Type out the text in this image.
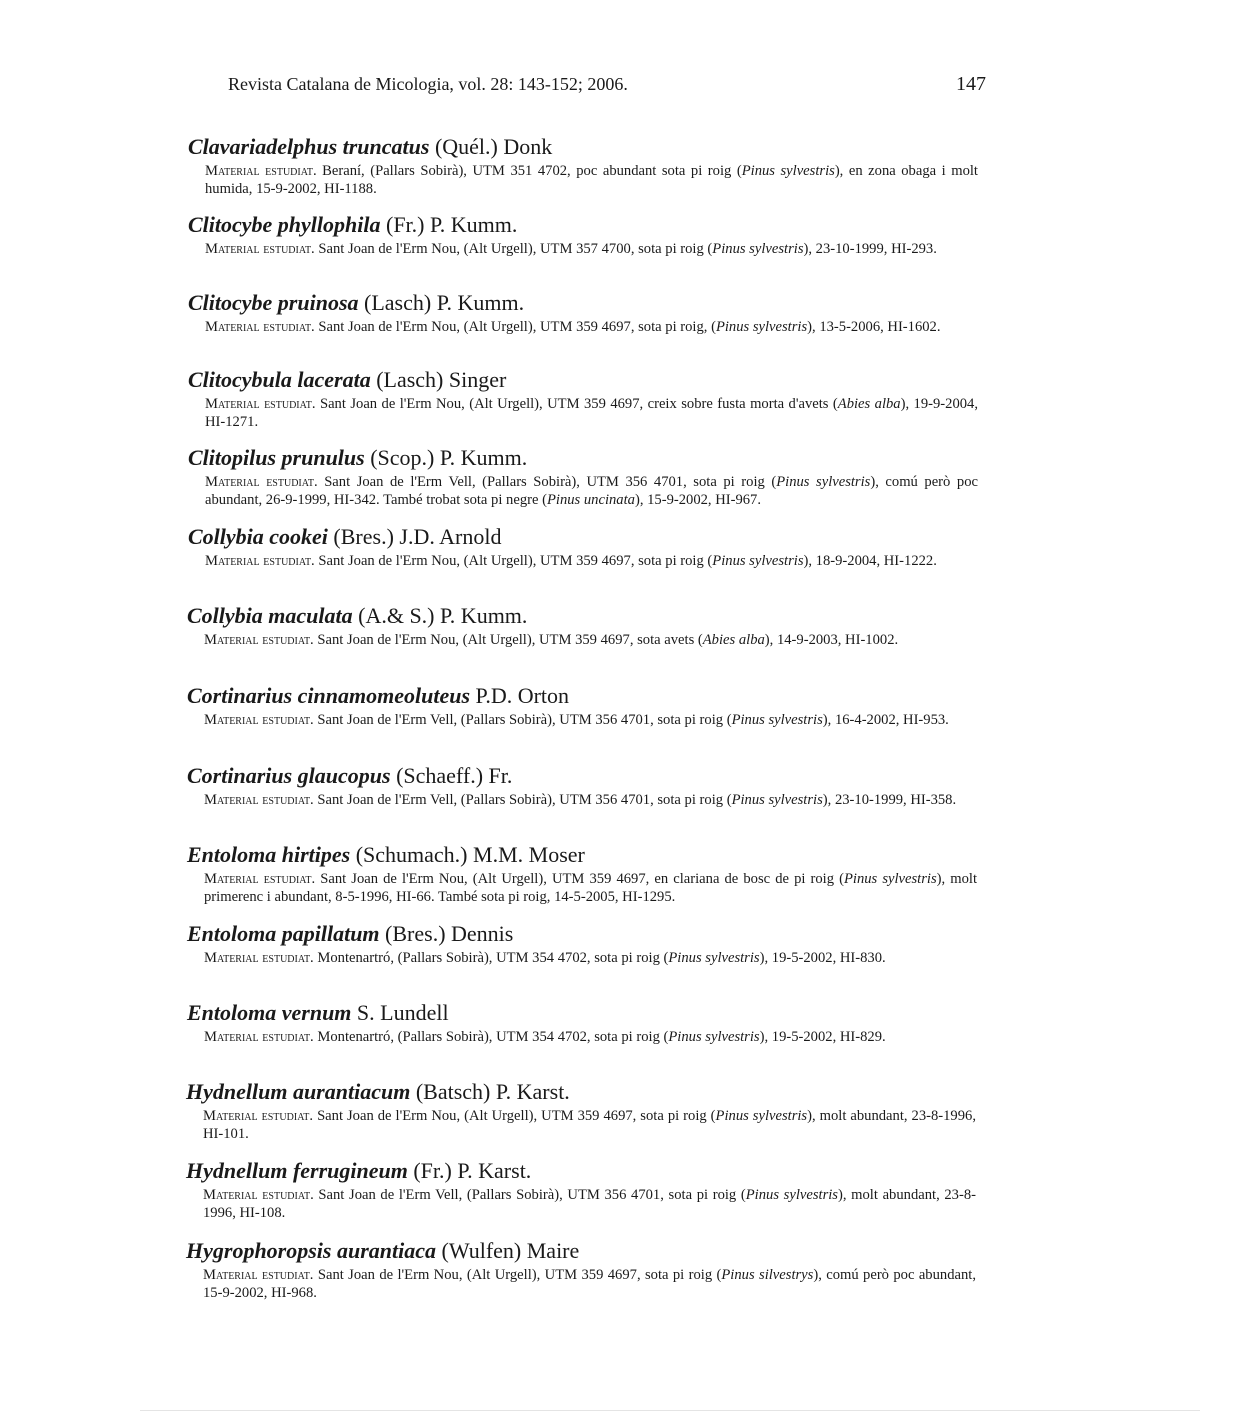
Revista Catalana de Micologia, vol. 28: 143-152; 2006.	147

Clavariadelphus truncatus (Quél.) Donk

Material estudiat. Beraní, (Pallars Sobirà), UTM 351 4702, poc abundant sota pi roig (Pinus sylvestris), en zona obaga i molt humida, 15-9-2002, HI-1188.

Clitocybe phyllophila (Fr.) P. Kumm.

Material estudiat. Sant Joan de l'Erm Nou, (Alt Urgell), UTM 357 4700, sota pi roig (Pinus sylvestris), 23-10-1999, HI-293.

Clitocybe pruinosa (Lasch) P. Kumm.

Material estudiat. Sant Joan de l'Erm Nou, (Alt Urgell), UTM 359 4697, sota pi roig, (Pinus sylvestris), 13-5-2006, HI-1602.

Clitocybula lacerata (Lasch) Singer

Material estudiat. Sant Joan de l'Erm Nou, (Alt Urgell), UTM 359 4697, creix sobre fusta morta d'avets (Abies alba), 19-9-2004, HI-1271.

Clitopilus prunulus (Scop.) P. Kumm.

Material estudiat. Sant Joan de l'Erm Vell, (Pallars Sobirà), UTM 356 4701, sota pi roig (Pinus sylvestris), comú però poc abundant, 26-9-1999, HI-342. També trobat sota pi negre (Pinus uncinata), 15-9-2002, HI-967.

Collybia cookei (Bres.) J.D. Arnold

Material estudiat. Sant Joan de l'Erm Nou, (Alt Urgell), UTM 359 4697, sota pi roig (Pinus sylvestris), 18-9-2004, HI-1222.

Collybia maculata (A.& S.) P. Kumm.

Material estudiat. Sant Joan de l'Erm Nou, (Alt Urgell), UTM 359 4697, sota avets (Abies alba), 14-9-2003, HI-1002.

Cortinarius cinnamomeoluteus P.D. Orton

Material estudiat. Sant Joan de l'Erm Vell, (Pallars Sobirà), UTM 356 4701, sota pi roig (Pinus sylvestris), 16-4-2002, HI-953.

Cortinarius glaucopus (Schaeff.) Fr.

Material estudiat. Sant Joan de l'Erm Vell, (Pallars Sobirà), UTM 356 4701, sota pi roig (Pinus sylvestris), 23-10-1999, HI-358.

Entoloma hirtipes (Schumach.) M.M. Moser

Material estudiat. Sant Joan de l'Erm Nou, (Alt Urgell), UTM 359 4697, en clariana de bosc de pi roig (Pinus sylvestris), molt primerenc i abundant, 8-5-1996, HI-66. També sota pi roig, 14-5-2005, HI-1295.

Entoloma papillatum (Bres.) Dennis

Material estudiat. Montenartró, (Pallars Sobirà), UTM 354 4702, sota pi roig (Pinus sylvestris), 19-5-2002, HI-830.

Entoloma vernum S. Lundell

Material estudiat. Montenartró, (Pallars Sobirà), UTM 354 4702, sota pi roig (Pinus sylvestris), 19-5-2002, HI-829.

Hydnellum aurantiacum (Batsch) P. Karst.

Material estudiat. Sant Joan de l'Erm Nou, (Alt Urgell), UTM 359 4697, sota pi roig (Pinus sylvestris), molt abundant, 23-8-1996, HI-101.

Hydnellum ferrugineum (Fr.) P. Karst.

Material estudiat. Sant Joan de l'Erm Vell, (Pallars Sobirà), UTM 356 4701, sota pi roig (Pinus sylvestris), molt abundant, 23-8-1996, HI-108.

Hygrophoropsis aurantiaca (Wulfen) Maire

Material estudiat. Sant Joan de l'Erm Nou, (Alt Urgell), UTM 359 4697, sota pi roig (Pinus silvestrys), comú però poc abundant, 15-9-2002, HI-968.
